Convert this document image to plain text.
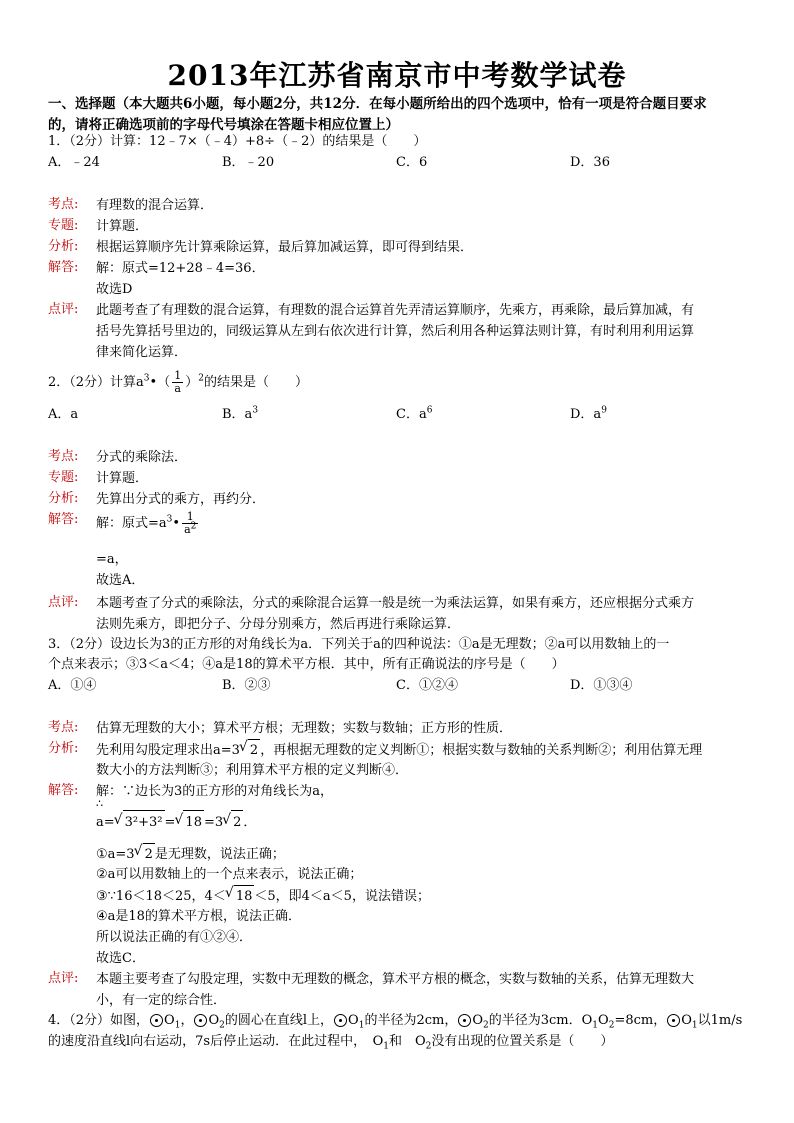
2013年江苏省南京市中考数学试卷
一、选择题（本大题共6小题，每小题2分，共12分．在每小题所给出的四个选项中，恰有一项是符合题目要求
的，请将正确选项前的字母代号填涂在答题卡相应位置上）
1．（2分）计算：12﹣7×（﹣4）+8÷（﹣2）的结果是（　　）
A．﹣24	B．﹣20	C．6	D．36
考点: 有理数的混合运算．
专题: 计算题．
分析: 根据运算顺序先计算乘除运算，最后算加减运算，即可得到结果．
解答: 解：原式=12+28﹣4=36．
故选D
点评: 此题考查了有理数的混合运算，有理数的混合运算首先弄清运算顺序，先乘方，再乘除，最后算加减，有
括号先算括号里边的，同级运算从左到右依次进行计算，然后利用各种运算法则计算，有时利用利用运算
律来简化运算．
2．（2分）计算$a^3•( \frac{1}{a} )^2$的结果是（　　）
A．a	B．$a^3$	C．$a^6$	D．$a^9$
考点: 分式的乘除法．
专题: 计算题．
分析: 先算出分式的乘方，再约分．
解答: 解：原式$=a^3• \frac{1}{a^2}$
=a，
故选A．
点评: 本题考查了分式的乘除法，分式的乘除混合运算一般是统一为乘法运算，如果有乘方，还应根据分式乘方
法则先乘方，即把分子、分母分别乘方，然后再进行乘除运算．
3．（2分）设边长为3的正方形的对角线长为a．下列关于a的四种说法：①a是无理数；②a可以用数轴上的一
个点来表示；③3＜a＜4；④a是18的算术平方根．其中，所有正确说法的序号是（　　）
A．①④	B．②③	C．①②④	D．①③④
考点: 估算无理数的大小；算术平方根；无理数；实数与数轴；正方形的性质．
分析: 先利用勾股定理求出a=3 √ 2 ，再根据无理数的定义判断①；根据实数与数轴的关系判断②；利用估算无理
数大小的方法判断③；利用算术平方根的定义判断④．
解答: 解：∵边长为3的正方形的对角线长为a，
∴
a= √ 3²+3² = √ 18 =3 √ 2 ．
①a=3 √ 2 是无理数，说法正确；
②a可以用数轴上的一个点来表示，说法正确；
③∵16＜18＜25，4＜ √ 18 ＜5，即4＜a＜5，说法错误；
④a是18的算术平方根，说法正确．
所以说法正确的有①②④．
故选C．
点评: 本题主要考查了勾股定理，实数中无理数的概念，算术平方根的概念，实数与数轴的关系，估算无理数大
小，有一定的综合性．
4．（2分）如图， $O_1$， $O_2$的圆心在直线l上， $O_1$的半径为2cm， $O_2$的半径为3cm．$O_1O_2=8cm$， $O_1$以1m/s
的速度沿直线l向右运动，7s后停止运动．在此过程中，　$O_1$和　$O_2$没有出现的位置关系是（　　）
